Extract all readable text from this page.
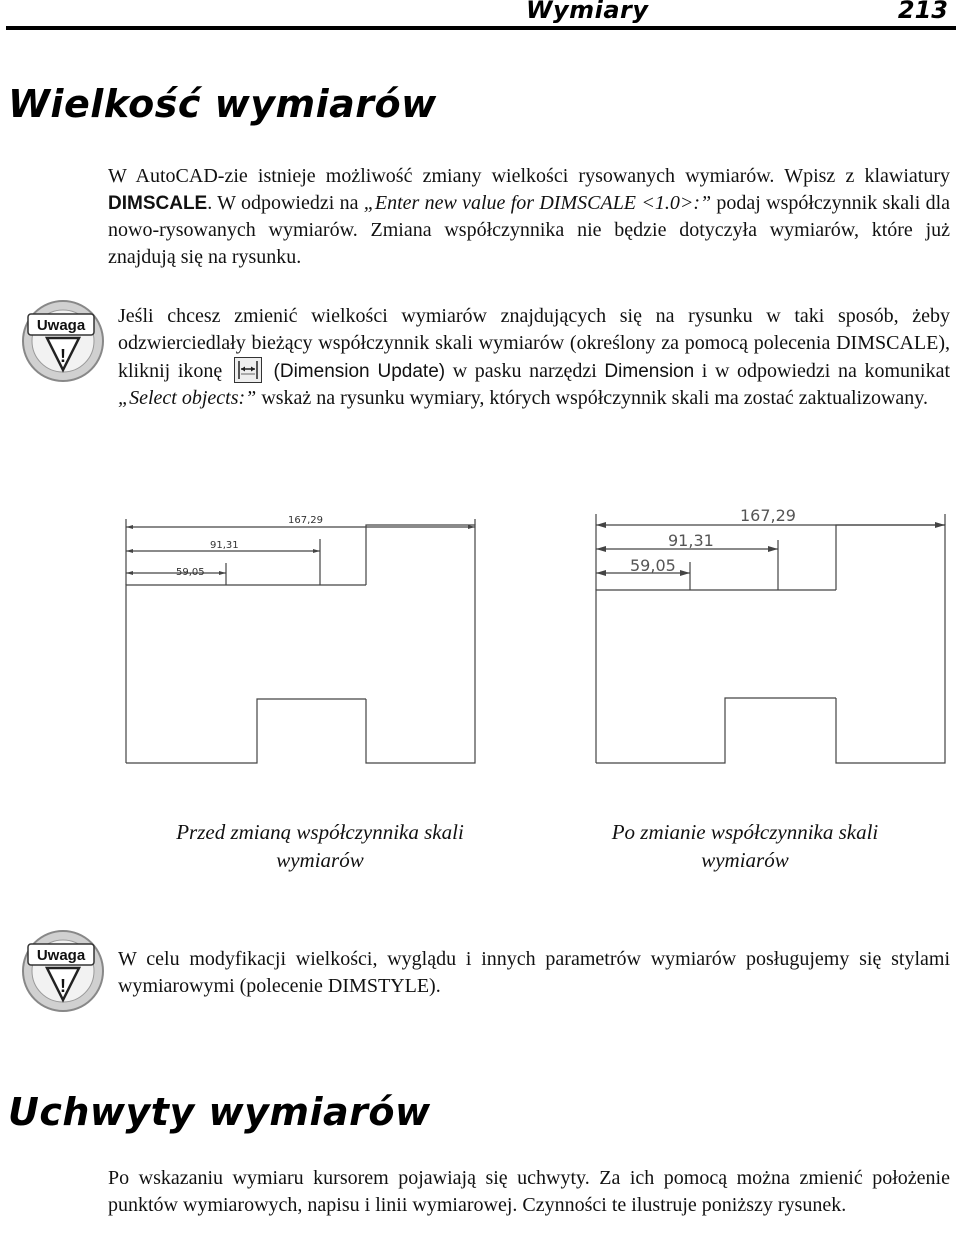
Wymiary	213
Wielkość wymiarów
W AutoCAD-zie istnieje możliwość zmiany wielkości rysowanych wymiarów. Wpisz z klawiatury DIMSCALE. W odpowiedzi na „Enter new value for DIMSCALE <1.0>:” podaj współczynnik skali dla nowo-rysowanych wymiarów. Zmiana współczynnika nie będzie dotyczyła wymiarów, które już znajdują się na rysunku.
Uwaga
!
Jeśli chcesz zmienić wielkości wymiarów znajdujących się na rysunku w taki sposób, żeby odzwierciedlały bieżący współczynnik skali wymiarów (określony za pomocą polecenia DIMSCALE), kliknij ikonę	(Dimension Update) w pasku narzędzi Dimension i w odpowiedzi na komunikat „Select objects:” wskaż na rysunku wymiary, których współczynnik skali ma zostać zaktualizowany.
167,29
91,31
59,05
167,29
91,31
59,05
Przed zmianą współczynnika skali
wymiarów
Po zmianie współczynnika skali
wymiarów
Uwaga
!
W celu modyfikacji wielkości, wyglądu i innych parametrów wymiarów posługujemy się stylami wymiarowymi (polecenie DIMSTYLE).
Uchwyty wymiarów
Po wskazaniu wymiaru kursorem pojawiają się uchwyty. Za ich pomocą można zmienić położenie punktów wymiarowych, napisu i linii wymiarowej. Czynności te ilustruje poniższy rysunek.
